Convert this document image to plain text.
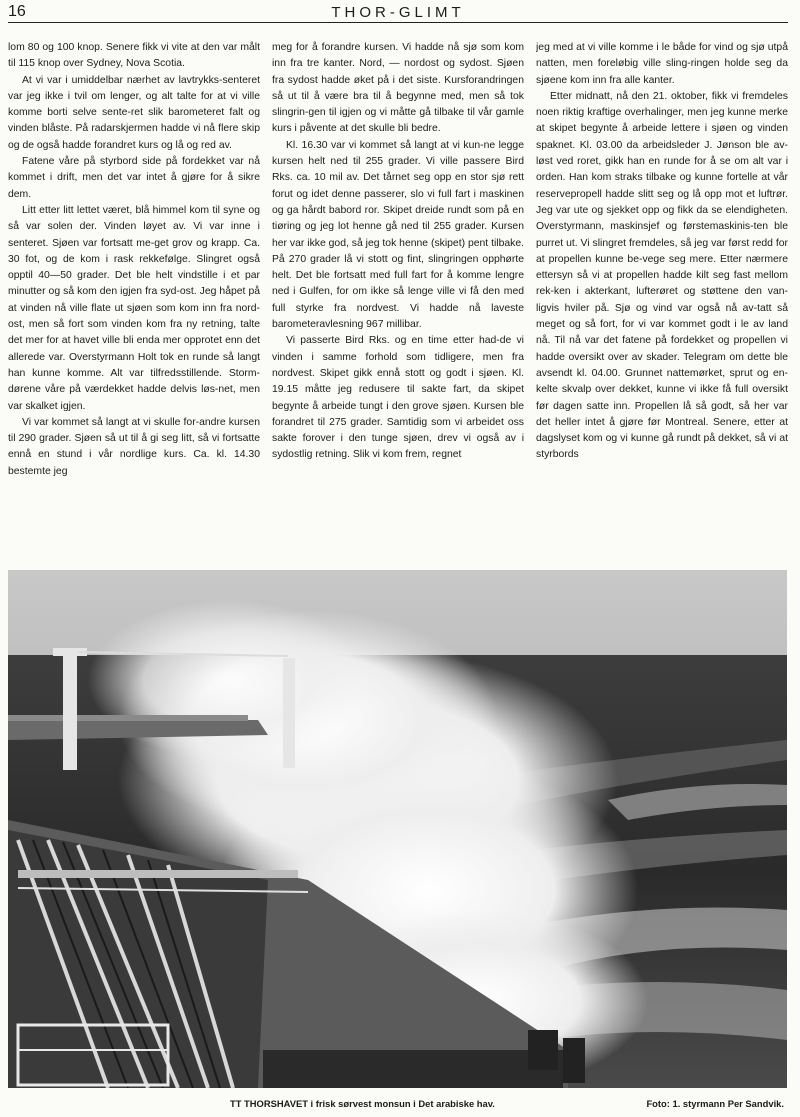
16	THOR-GLIMT

lom 80 og 100 knop. Senere fikk vi vite at den var målt til 115 knop over Sydney, Nova Scotia.

At vi var i umiddelbar nærhet av lavtrykks-senteret var jeg ikke i tvil om lenger, og alt talte for at vi ville komme borti selve sente-ret slik barometeret falt og vinden blåste. På radarskjermen hadde vi nå flere skip og de også hadde forandret kurs og lå og red av.

Fatene våre på styrbord side på fordekket var nå kommet i drift, men det var intet å gjøre for å sikre dem.

Litt etter litt lettet været, blå himmel kom til syne og så var solen der. Vinden løyet av. Vi var inne i senteret. Sjøen var fortsatt me-get grov og krapp. Ca. 30 fot, og de kom i rask rekkefølge. Slingret også opptil 40—50 grader. Det ble helt vindstille i et par minutter og så kom den igjen fra syd-ost. Jeg håpet på at vinden nå ville flate ut sjøen som kom inn fra nord-ost, men så fort som vinden kom fra ny retning, talte det mer for at havet ville bli enda mer opprotet enn det allerede var. Overstyrmann Holt tok en runde så langt han kunne komme. Alt var tilfredsstillende. Storm-dørene våre på værdekket hadde delvis løs-net, men var skalket igjen.

Vi var kommet så langt at vi skulle for-andre kursen til 290 grader. Sjøen så ut til å gi seg litt, så vi fortsatte ennå en stund i vår nordlige kurs. Ca. kl. 14.30 bestemte jeg

meg for å forandre kursen. Vi hadde nå sjø som kom inn fra tre kanter. Nord, — nordost og sydost. Sjøen fra sydost hadde øket på i det siste. Kursforandringen så ut til å være bra til å begynne med, men så tok slingrin-gen til igjen og vi måtte gå tilbake til vår gamle kurs i påvente at det skulle bli bedre.

Kl. 16.30 var vi kommet så langt at vi kun-ne legge kursen helt ned til 255 grader. Vi ville passere Bird Rks. ca. 10 mil av. Det tårnet seg opp en stor sjø rett forut og idet denne passerer, slo vi full fart i maskinen og ga hårdt babord ror. Skipet dreide rundt som på en tiøring og jeg lot henne gå ned til 255 grader. Kursen her var ikke god, så jeg tok henne (skipet) pent tilbake. På 270 grader lå vi stott og fint, slingringen opphørte helt. Det ble fortsatt med full fart for å komme lengre ned i Gulfen, for om ikke så lenge ville vi få den med full styrke fra nordvest. Vi hadde nå laveste barometeravlesning 967 millibar.

Vi passerte Bird Rks. og en time etter had-de vi vinden i samme forhold som tidligere, men fra nordvest. Skipet gikk ennå stott og godt i sjøen. Kl. 19.15 måtte jeg redusere til sakte fart, da skipet begynte å arbeide tungt i den grove sjøen. Kursen ble forandret til 275 grader. Samtidig som vi arbeidet oss sakte forover i den tunge sjøen, drev vi også av i sydostlig retning. Slik vi kom frem, regnet

jeg med at vi ville komme i le både for vind og sjø utpå natten, men foreløbig ville sling-ringen holde seg da sjøene kom inn fra alle kanter.

Etter midnatt, nå den 21. oktober, fikk vi fremdeles noen riktig kraftige overhalinger, men jeg kunne merke at skipet begynte å arbeide lettere i sjøen og vinden spaknet. Kl. 03.00 da arbeidsleder J. Jønson ble av-løst ved roret, gikk han en runde for å se om alt var i orden. Han kom straks tilbake og kunne fortelle at vår reservepropell hadde slitt seg og lå opp mot et luftrør. Jeg var ute og sjekket opp og fikk da se elendigheten. Overstyrmann, maskinsjef og førstemaskinis-ten ble purret ut. Vi slingret fremdeles, så jeg var først redd for at propellen kunne be-vege seg mere. Etter nærmere ettersyn så vi at propellen hadde kilt seg fast mellom rek-ken i akterkant, lufterøret og støttene den van-ligvis hviler på. Sjø og vind var også nå av-tatt så meget og så fort, for vi var kommet godt i le av land nå. Til nå var det fatene på fordekket og propellen vi hadde oversikt over av skader. Telegram om dette ble avsendt kl. 04.00. Grunnet nattemørket, sprut og en-kelte skvalp over dekket, kunne vi ikke få full oversikt før dagen satte inn. Propellen lå så godt, så her var det heller intet å gjøre før Montreal. Senere, etter at dagslyset kom og vi kunne gå rundt på dekket, så vi at styrbords

TT THORSHAVET i frisk sørvest monsun i Det arabiske hav.	Foto: 1. styrmann Per Sandvik.
